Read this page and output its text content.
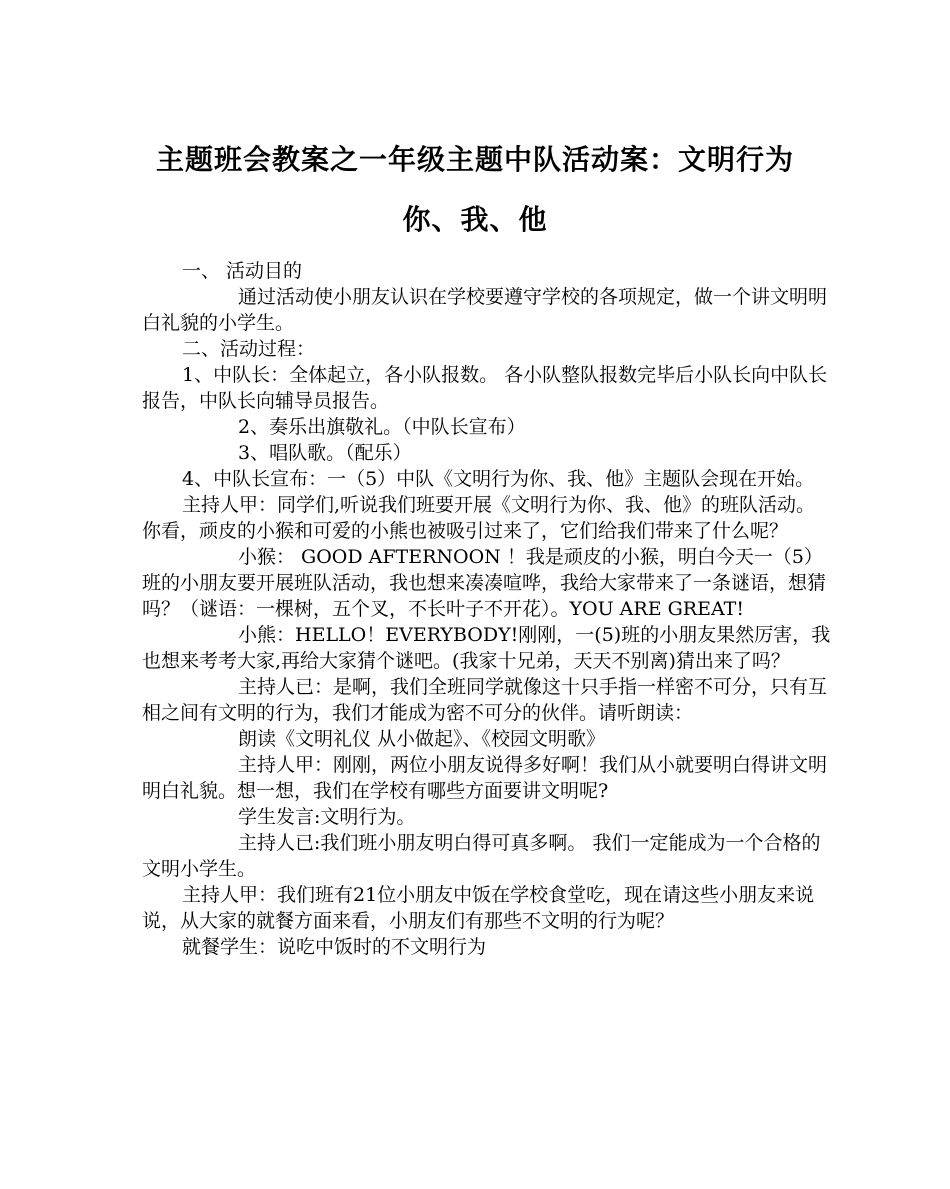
主题班会教案之一年级主题中队活动案：文明行为你、我、他

一、 活动目的

通过活动使小朋友认识在学校要遵守学校的各项规定，做一个讲文明明白礼貌的小学生。

二、活动过程：

1、中队长：全体起立，各小队报数。 各小队整队报数完毕后小队长向中队长报告，中队长向辅导员报告。

2、奏乐出旗敬礼。（中队长宣布）

3、唱队歌。（配乐）

4、中队长宣布：一（5）中队《文明行为你、我、他》主题队会现在开始。

主持人甲：同学们,听说我们班要开展《文明行为你、我、他》的班队活动。你看，顽皮的小猴和可爱的小熊也被吸引过来了，它们给我们带来了什么呢？

小猴： GOOD AFTERNOON ！我是顽皮的小猴，明白今天一（5）班的小朋友要开展班队活动，我也想来凑凑喧哗，我给大家带来了一条谜语，想猜吗？（谜语：一棵树，五个叉，不长叶子不开花）。YOU ARE GREAT!

小熊：HELLO！EVERYBODY!刚刚，一(5)班的小朋友果然厉害，我也想来考考大家,再给大家猜个谜吧。(我家十兄弟，天天不别离)猜出来了吗？

主持人已：是啊，我们全班同学就像这十只手指一样密不可分，只有互相之间有文明的行为，我们才能成为密不可分的伙伴。请听朗读：

朗读《文明礼仪 从小做起》、《校园文明歌》

主持人甲：刚刚，两位小朋友说得多好啊！我们从小就要明白得讲文明明白礼貌。想一想，我们在学校有哪些方面要讲文明呢?

学生发言:文明行为。

主持人已:我们班小朋友明白得可真多啊。 我们一定能成为一个合格的文明小学生。

主持人甲：我们班有21位小朋友中饭在学校食堂吃，现在请这些小朋友来说说，从大家的就餐方面来看，小朋友们有那些不文明的行为呢？

就餐学生：说吃中饭时的不文明行为
